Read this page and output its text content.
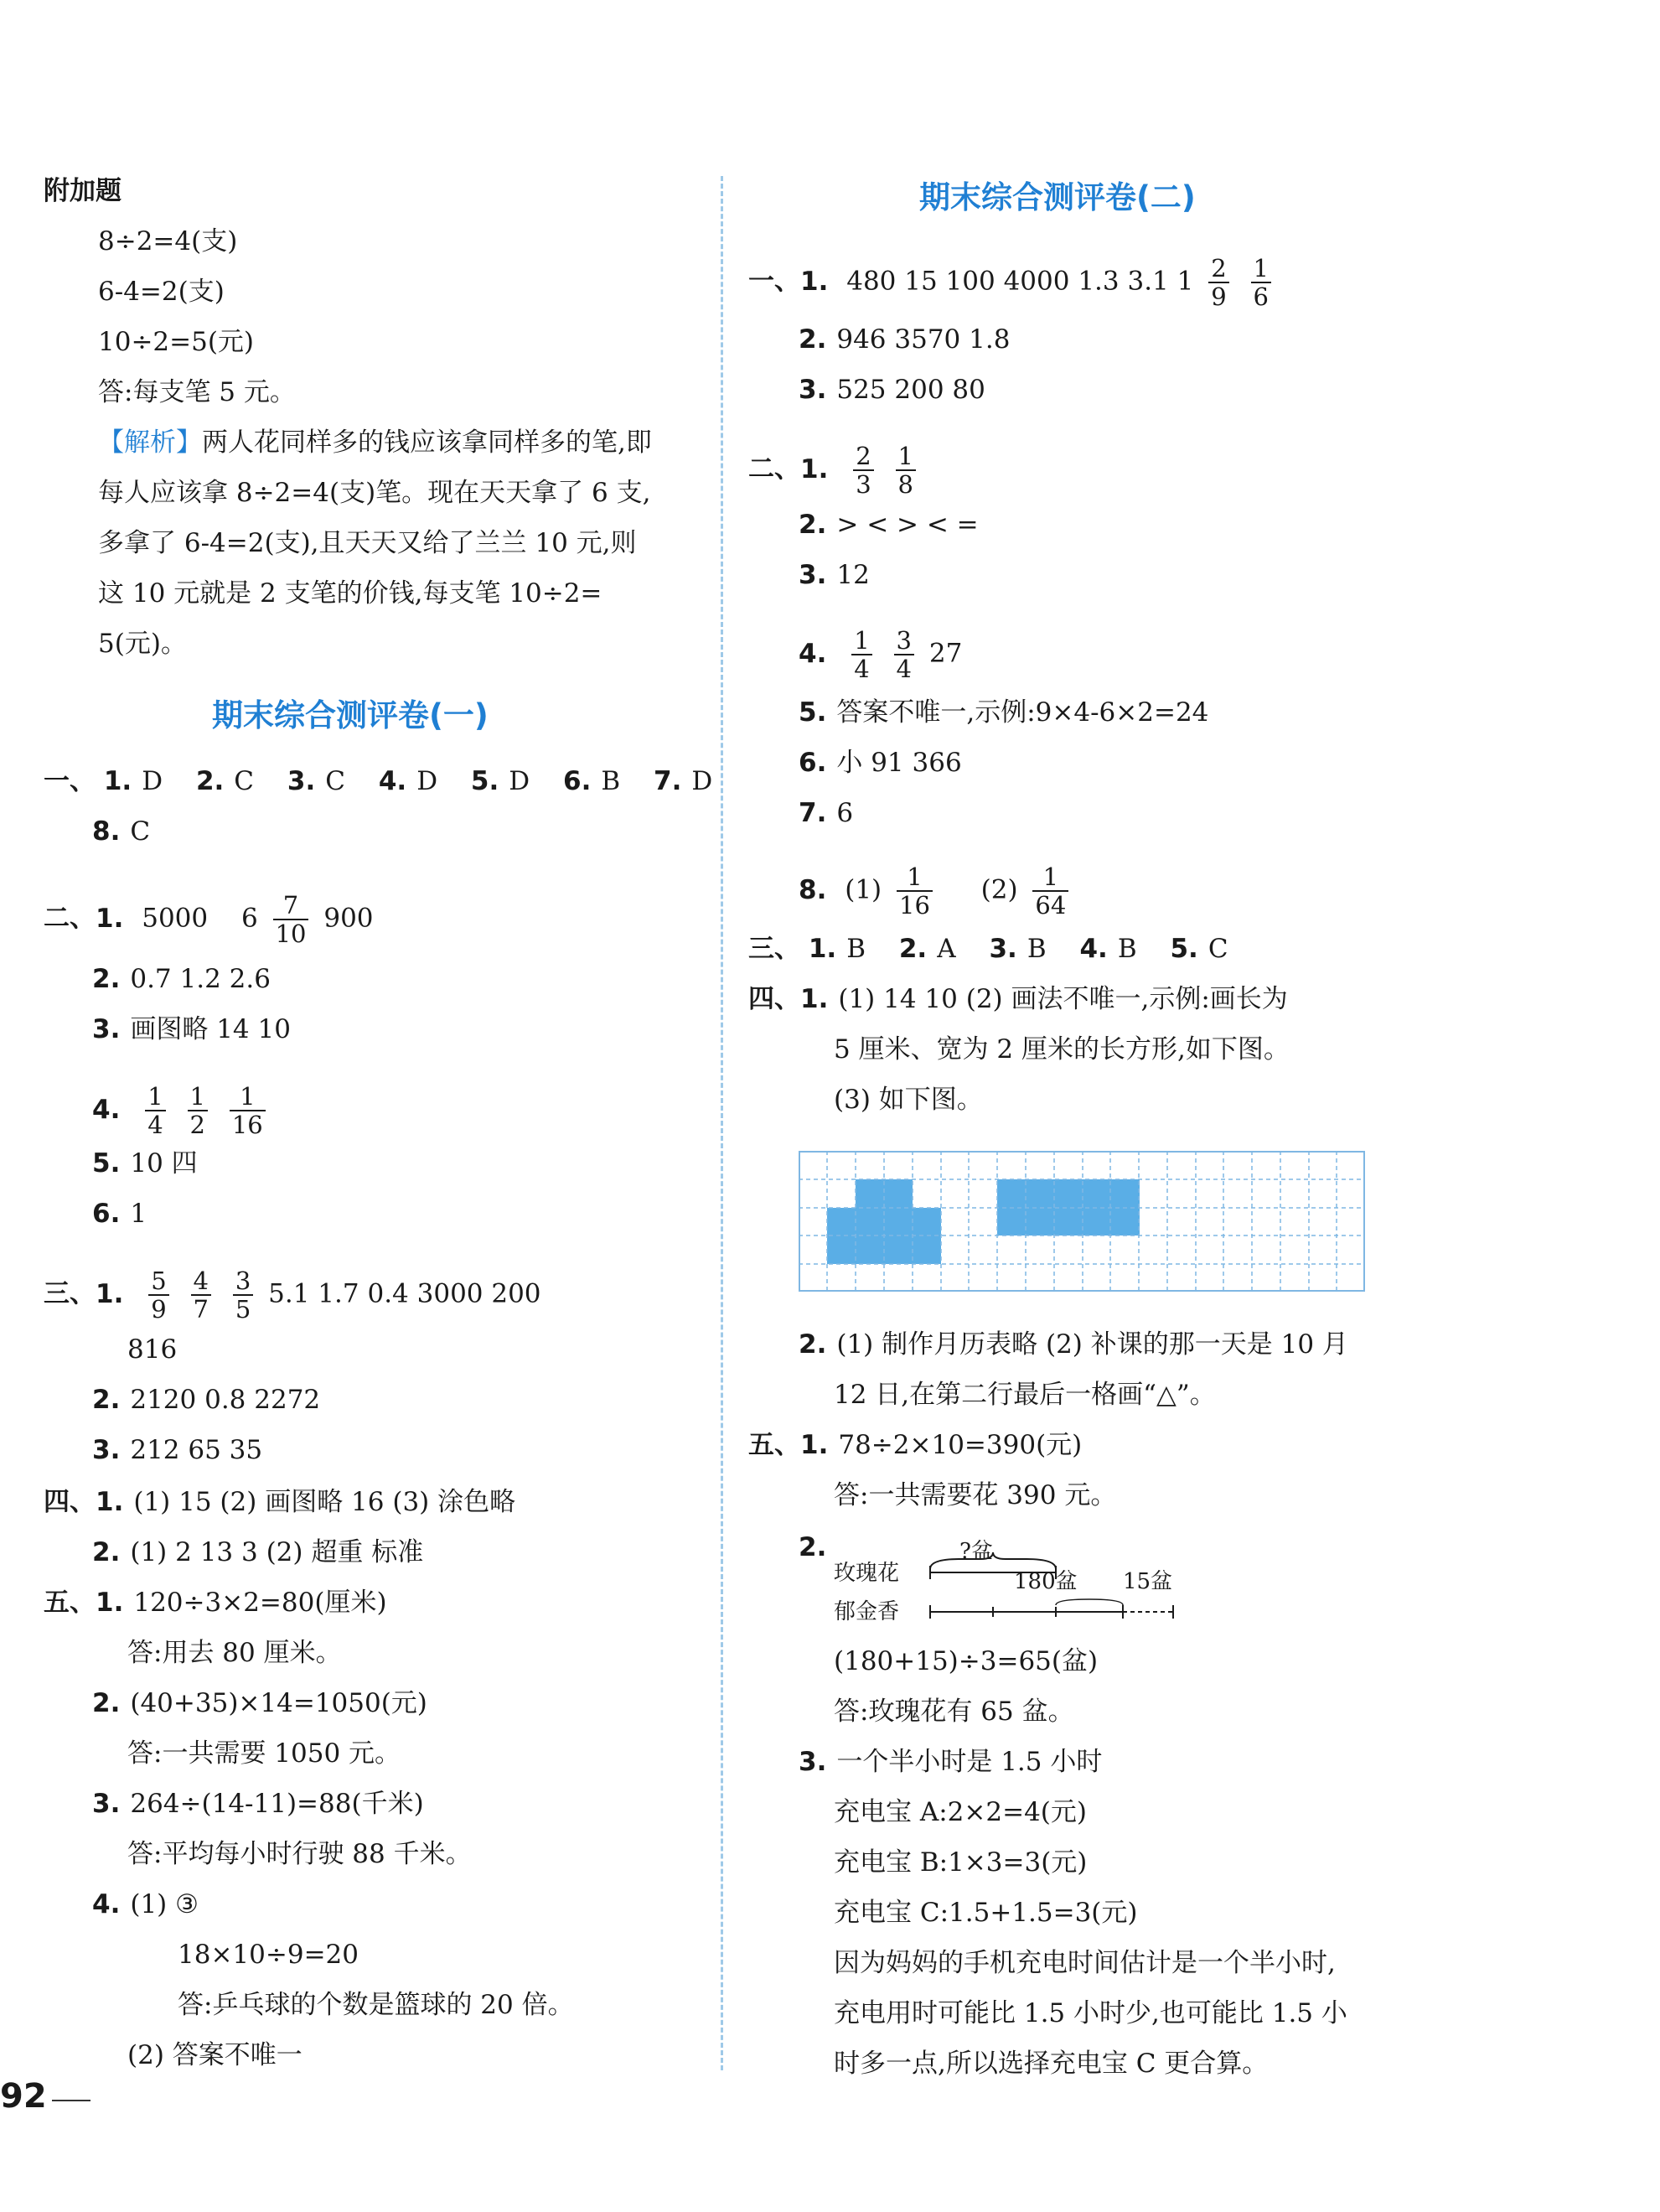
附加题
8÷2=4(支)
6-4=2(支)
10÷2=5(元)
答:每支笔 5 元。
【解析】两人花同样多的钱应该拿同样多的笔,即
每人应该拿 8÷2=4(支)笔。现在天天拿了 6 支,
多拿了 6-4=2(支),且天天又给了兰兰 10 元,则
这 10 元就是 2 支笔的价钱,每支笔 10÷2=
5(元)。
期末综合测评卷(一)
一、 1. D 2. C 3. C 4. D 5. D 6. B 7. D
8. C
二、1. 5000 $6 \frac{7}{10} 900$
2. 0.7 1.2 2.6
3. 画图略 14 10
4. $\frac{1}{4}$
$\frac{1}{2}$
$\frac{1}{16}$
5. 10 四
6. 1
三、1. $\frac{5}{9}$
$\frac{4}{7}$
$\frac{3}{5} 5.1$ 1.7 0.4 3000 200
816
2. 2120 0.8 2272
3. 212 65 35
四、1. (1) 15 (2) 画图略 16 (3) 涂色略
2. (1) 2 13 3 (2) 超重 标准
五、1. 120÷3×2=80(厘米)
答:用去 80 厘米。
2. (40+35)×14=1050(元)
答:一共需要 1050 元。
3. 264÷(14-11)=88(千米)
答:平均每小时行驶 88 千米。
4. (1) ③
18×10÷9=20
答:乒乓球的个数是篮球的 20 倍。
(2) 答案不唯一
92
期末综合测评卷(二)
一、1. 480 15 100 4000 1.3 3.1 $1 \frac{2}{9}$
$\frac{1}{6}$
2. 946 3570 1.8
3. 525 200 80
二、1. $\frac{2}{3}$
$\frac{1}{8}$
2. > < > < =
3. 12
4. $\frac{1}{4}$
$\frac{3}{4} 27$
5. 答案不唯一,示例:9×4-6×2=24
6. 小 91 366
7. 6
8. $(1) \frac{1}{16} (2) \frac{1}{64}$
三、 1. B 2. A 3. B 4. B 5. C
四、1. (1) 14 10 (2) 画法不唯一,示例:画长为
5 厘米、宽为 2 厘米的长方形,如下图。
(3) 如下图。
2. (1) 制作月历表略 (2) 补课的那一天是 10 月
12 日,在第二行最后一格画“△”。
五、1. 78÷2×10=390(元)
答:一共需要花 390 元。
2.	?盆
玫瑰花	180盆 15盆
郁金香
(180+15)÷3=65(盆)
答:玫瑰花有 65 盆。
3. 一个半小时是 1.5 小时
充电宝 A:2×2=4(元)
充电宝 B:1×3=3(元)
充电宝 C:1.5+1.5=3(元)
因为妈妈的手机充电时间估计是一个半小时,
充电用时可能比 1.5 小时少,也可能比 1.5 小
时多一点,所以选择充电宝 C 更合算。
